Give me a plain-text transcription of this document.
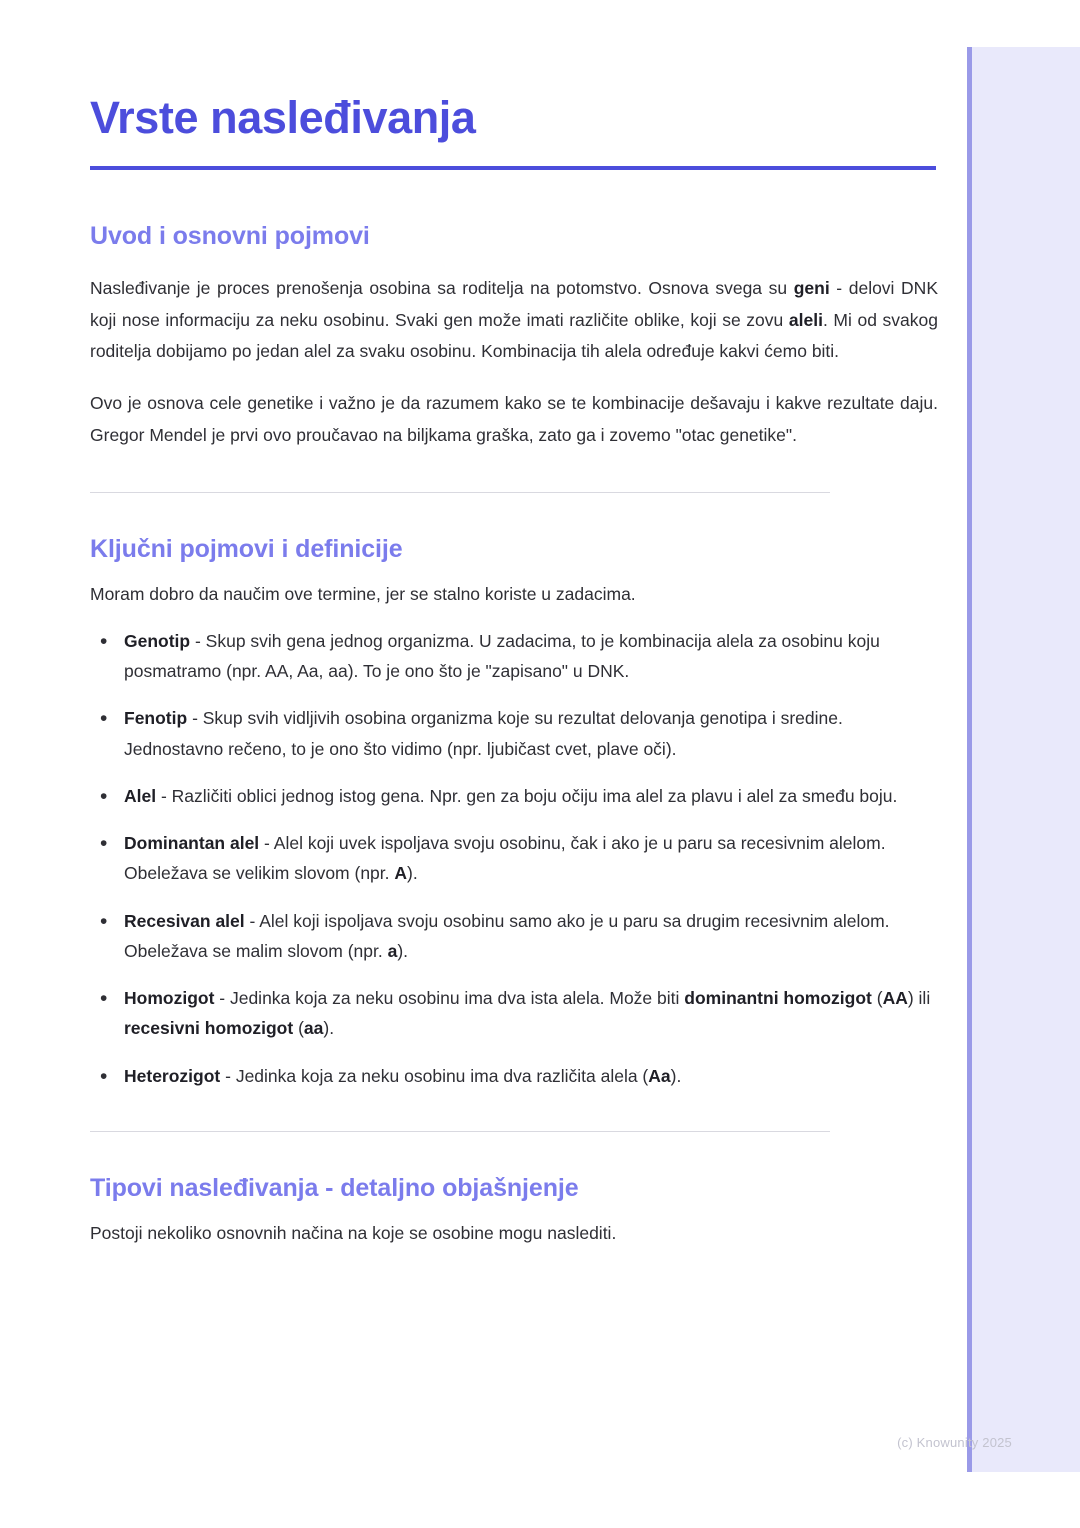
Vrste nasleđivanja
Uvod i osnovni pojmovi

Nasleđivanje je proces prenošenja osobina sa roditelja na potomstvo. Osnova svega su geni - delovi DNK koji nose informaciju za neku osobinu. Svaki gen može imati različite oblike, koji se zovu aleli. Mi od svakog roditelja dobijamo po jedan alel za svaku osobinu. Kombinacija tih alela određuje kakvi ćemo biti.

Ovo je osnova cele genetike i važno je da razumem kako se te kombinacije dešavaju i kakve rezultate daju. Gregor Mendel je prvi ovo proučavao na biljkama graška, zato ga i zovemo "otac genetike".

Ključni pojmovi i definicije

Moram dobro da naučim ove termine, jer se stalno koriste u zadacima.

• Genotip - Skup svih gena jednog organizma. U zadacima, to je kombinacija alela za osobinu koju posmatramo (npr. AA, Aa, aa). To je ono što je "zapisano" u DNK.
• Fenotip - Skup svih vidljivih osobina organizma koje su rezultat delovanja genotipa i sredine. Jednostavno rečeno, to je ono što vidimo (npr. ljubičast cvet, plave oči).
• Alel - Različiti oblici jednog istog gena. Npr. gen za boju očiju ima alel za plavu i alel za smeđu boju.
• Dominantan alel - Alel koji uvek ispoljava svoju osobinu, čak i ako je u paru sa recesivnim alelom. Obeležava se velikim slovom (npr. A).
• Recesivan alel - Alel koji ispoljava svoju osobinu samo ako je u paru sa drugim recesivnim alelom. Obeležava se malim slovom (npr. a).
• Homozigot - Jedinka koja za neku osobinu ima dva ista alela. Može biti dominantni homozigot (AA) ili recesivni homozigot (aa).
• Heterozigot - Jedinka koja za neku osobinu ima dva različita alela (Aa).
Tipovi nasleđivanja - detaljno objašnjenje

Postoji nekoliko osnovnih načina na koje se osobine mogu naslediti.

(c) Knowunity 2025
